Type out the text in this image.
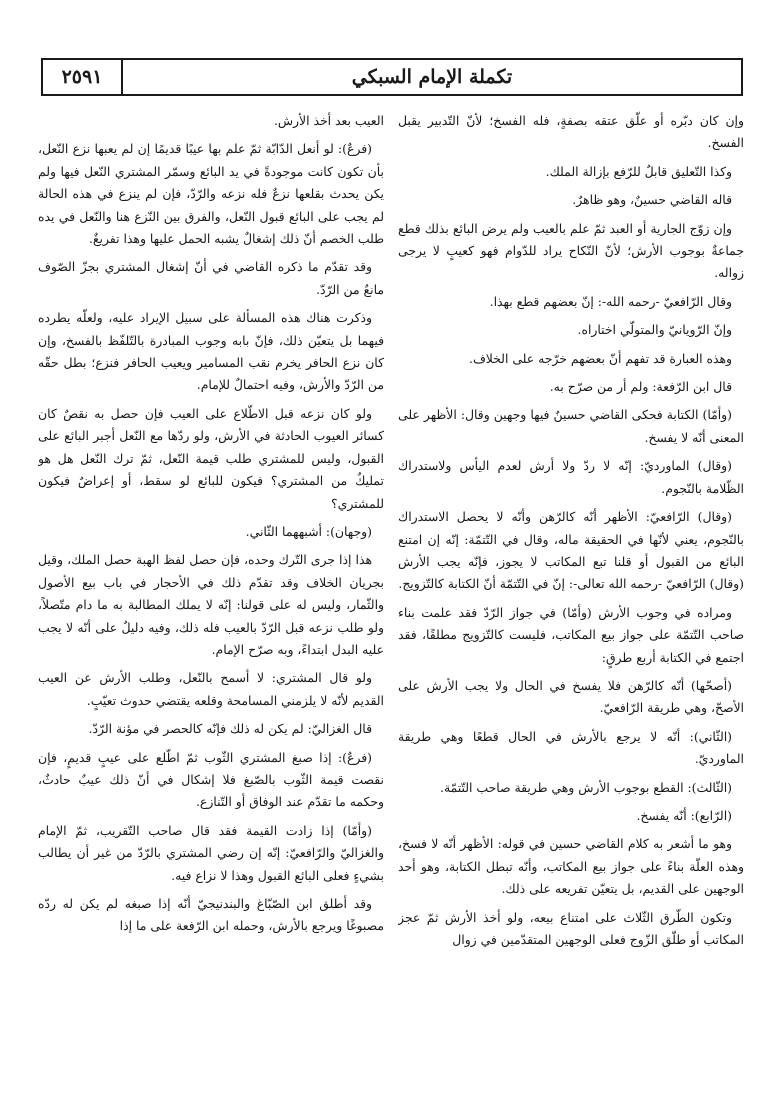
تكملة الإمام السبكي
٢٥٩١

وإن كان دبّره أو علّق عتقه بصفةٍ، فله الفسخ؛ لأنّ التّدبير يقبل الفسخ.

وكذا التّعليق قابلٌ للرّفع بإزالة الملك.

قاله القاضي حسينٌ، وهو ظاهرٌ.

وإن زوّج الجارية أو العبد ثمّ علم بالعيب ولم يرض البائع بذلك قطع جماعةٌ بوجوب الأرش؛ لأنّ النّكاح يراد للدّوام فهو كعيبٍ لا يرجى زواله.

وقال الرّافعيّ -رحمه الله-: إنّ بعضهم قطع بهذا.

وإنّ الرّويانيّ والمتولّي اختاراه.

وهذه العبارة قد تفهم أنّ بعضهم خرّجه على الخلاف.

قال ابن الرّفعة: ولم أر من صرّح به.

(وأمّا) الكتابة فحكى القاضي حسينٌ فيها وجهين وقال: الأظهر على المعنى أنّه لا يفسخ.

(وقال) الماورديّ: إنّه لا ردّ ولا أرش لعدم اليأس ولاستدراك الظّلامة بالنّجوم.

(وقال) الرّافعيّ: الأظهر أنّه كالرّهن وأنّه لا يحصل الاستدراك بالنّجوم، يعني لأنّها في الحقيقة ماله، وقال في التّتمّة: إنّه إن امتنع البائع من القبول أو قلنا تبع المكاتب لا يجوز، فإنّه يجب الأرش (وقال) الرّافعيّ -رحمه الله تعالى-: إنّ في التّتمّة أنّ الكتابة كالتّزويج.

ومراده في وجوب الأرش (وأمّا) في جواز الرّدّ فقد علمت بناء صاحب التّتمّة على جواز بيع المكاتب، فليست كالتّزويج مطلقًا، فقد اجتمع في الكتابة أربع طرقٍ:

(أصحّها) أنّه كالرّهن فلا يفسخ في الحال ولا يجب الأرش على الأصحّ، وهي طريقة الرّافعيّ.

(الثّاني): أنّه لا يرجع بالأرش في الحال قطعًا وهي طريقة الماورديّ.

(الثّالث): القطع بوجوب الأرش وهي طريقة صاحب التّتمّة.

(الرّابع): أنّه يفسخ.

وهو ما أشعر به كلام القاضي حسين في قوله: الأظهر أنّه لا فسخ، وهذه العلّة بناءً على جواز بيع المكاتب، وأنّه تبطل الكتابة، وهو أحد الوجهين على القديم، بل يتعيّن تفريعه على ذلك.

وتكون الطّرق الثّلاث على امتناع بيعه، ولو أخذ الأرش ثمّ عجز المكاتب أو طلّق الزّوج فعلى الوجهين المتقدّمين في زوال

العيب بعد أخذ الأرش.

(فرعٌ): لو أنعل الدّابّة ثمّ علم بها عيبًا قديمًا إن لم يعبها نزع النّعل، بأن تكون كانت موجودةً في يد البائع وسمّر المشتري النّعل فيها ولم يكن يحدث بقلعها نزعٌ فله نزعه والرّدّ، فإن لم ينزع في هذه الحالة لم يجب على البائع قبول النّعل، والفرق بين النّزع هنا والنّعل في يده طلب الخصم أنّ ذلك إشغالٌ يشبه الحمل عليها وهذا تفريغٌ.

وقد تقدّم ما ذكره القاضي في أنّ إشغال المشتري بجزّ الصّوف مانعٌ من الرّدّ.

وذكرت هناك هذه المسألة على سبيل الإيراد عليه، ولعلّه يطرده فيهما بل يتعيّن ذلك، فإنّ بابه وجوب المبادرة بالتّلفّظ بالفسخ، وإن كان نزع الحافر يخرم نقب المسامير ويعيب الحافر فنزع؛ بطل حقّه من الرّدّ والأرش، وفيه احتمالٌ للإمام.

ولو كان نزعه قبل الاطّلاع على العيب فإن حصل به نقصٌ كان كسائر العيوب الحادثة في الأرش، ولو ردّها مع النّعل أجبر البائع على القبول، وليس للمشتري طلب قيمة النّعل، ثمّ ترك النّعل هل هو تمليكٌ من المشتري؟ فيكون للبائع لو سقط، أو إعراضٌ فيكون للمشتري؟

(وجهان): أشبههما الثّاني.

هذا إذا جرى التّرك وحده، فإن حصل لفظ الهبة حصل الملك، وقيل بجريان الخلاف وقد تقدّم ذلك في الأحجار في باب بيع الأصول والثّمار، وليس له على قولنا: إنّه لا يملك المطالبة به ما دام متّصلاً، ولو طلب نزعه قبل الرّدّ بالعيب فله ذلك، وفيه دليلٌ على أنّه لا يجب عليه البدل ابتداءً، وبه صرّح الإمام.

ولو قال المشتري: لا أسمح بالنّعل، وطلب الأرش عن العيب القديم لأنّه لا يلزمني المسامحة وقلعه يقتضي حدوث تعيّبٍ.

قال الغزاليّ: لم يكن له ذلك فإنّه كالحصر في مؤنة الرّدّ.

(فرعٌ): إذا صبغ المشتري الثّوب ثمّ اطّلع على عيبٍ قديمٍ، فإن نقصت قيمة الثّوب بالصّبغ فلا إشكال في أنّ ذلك عيبٌ حادثٌ، وحكمه ما تقدّم عند الوفاق أو التّنازع.

(وأمّا) إذا زادت القيمة فقد قال صاحب التّقريب، ثمّ الإمام والغزاليّ والرّافعيّ: إنّه إن رضي المشتري بالرّدّ من غير أن يطالب بشيءٍ فعلى البائع القبول وهذا لا نزاع فيه.

وقد أطلق ابن الصّبّاغ والبندنيجيّ أنّه إذا صبغه لم يكن له ردّه مصبوغًا ويرجع بالأرش، وحمله ابن الرّفعة على ما إذا
